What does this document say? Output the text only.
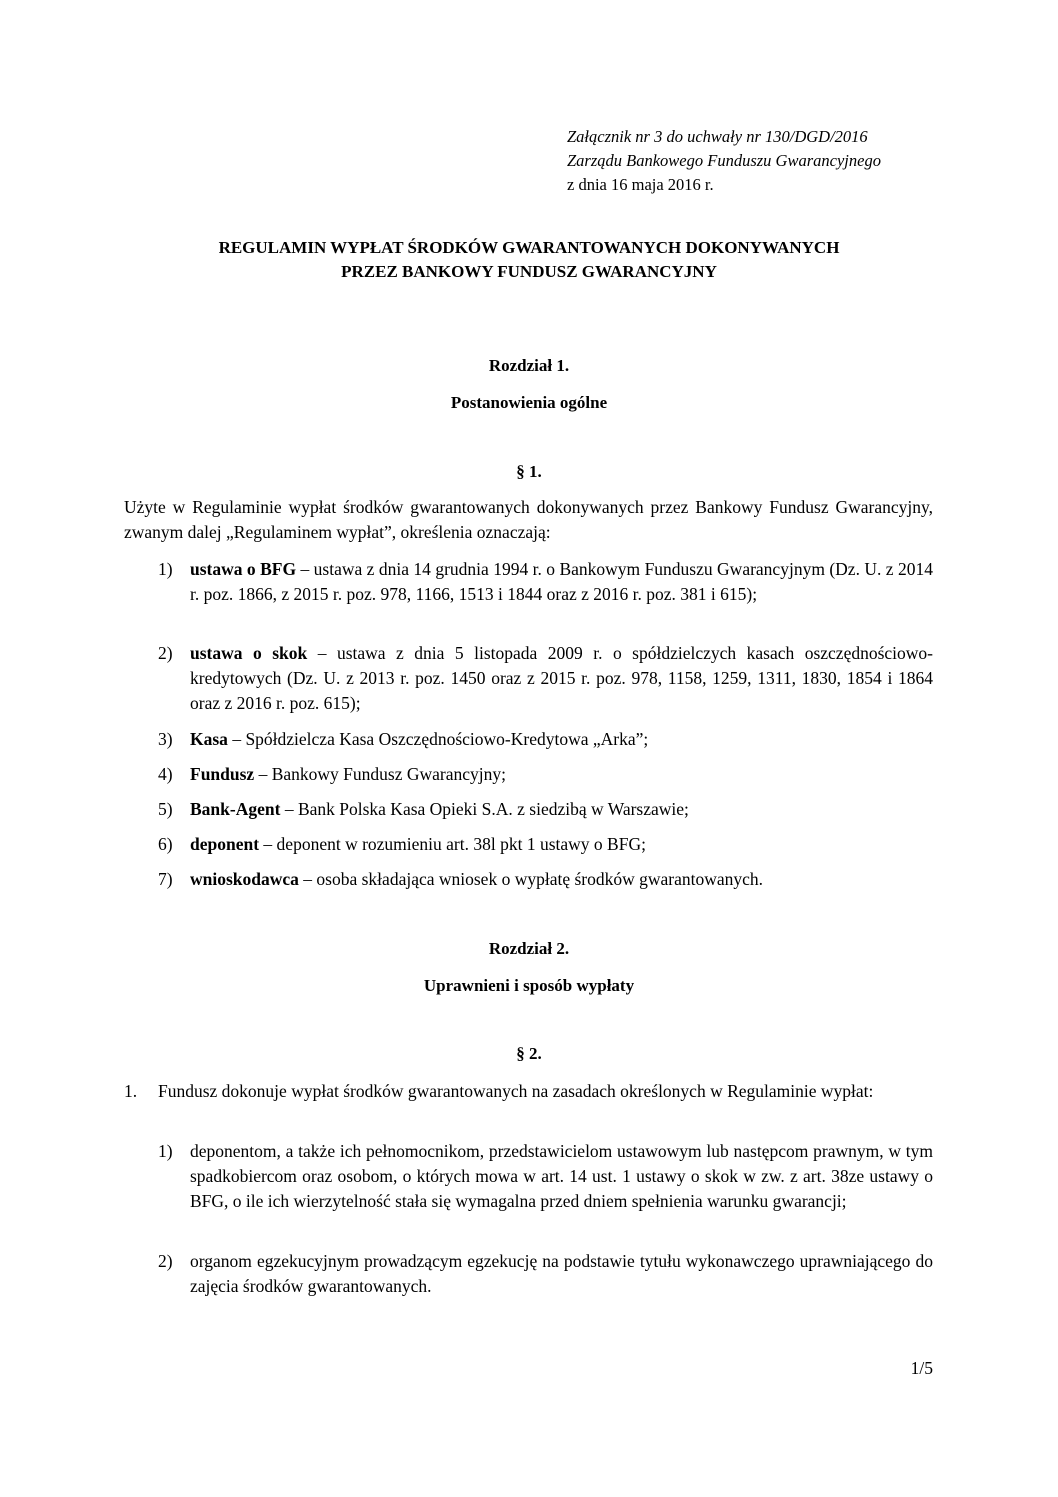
Załącznik nr 3 do uchwały nr 130/DGD/2016
Zarządu Bankowego Funduszu Gwarancyjnego
z dnia 16 maja 2016 r.
REGULAMIN WYPŁAT ŚRODKÓW GWARANTOWANYCH DOKONYWANYCH
PRZEZ BANKOWY FUNDUSZ GWARANCYJNY
Rozdział 1.
Postanowienia ogólne
§ 1.
Użyte w Regulaminie wypłat środków gwarantowanych dokonywanych przez Bankowy Fundusz Gwarancyjny, zwanym dalej „Regulaminem wypłat”, określenia oznaczają:
1) ustawa o BFG – ustawa z dnia 14 grudnia 1994 r. o Bankowym Funduszu Gwarancyjnym (Dz. U. z 2014 r. poz. 1866, z 2015 r. poz. 978, 1166, 1513 i 1844 oraz z 2016 r. poz. 381 i 615);
2) ustawa o skok – ustawa z dnia 5 listopada 2009 r. o spółdzielczych kasach oszczędnościowo-kredytowych (Dz. U. z 2013 r. poz. 1450 oraz z 2015 r. poz. 978, 1158, 1259, 1311, 1830, 1854 i 1864 oraz z 2016 r. poz. 615);
3) Kasa – Spółdzielcza Kasa Oszczędnościowo-Kredytowa „Arka”;
4) Fundusz – Bankowy Fundusz Gwarancyjny;
5) Bank-Agent – Bank Polska Kasa Opieki S.A. z siedzibą w Warszawie;
6) deponent – deponent w rozumieniu art. 38l pkt 1 ustawy o BFG;
7) wnioskodawca – osoba składająca wniosek o wypłatę środków gwarantowanych.
Rozdział 2.
Uprawnieni i sposób wypłaty
§ 2.
1. Fundusz dokonuje wypłat środków gwarantowanych na zasadach określonych w Regulaminie wypłat:
1) deponentom, a także ich pełnomocnikom, przedstawicielom ustawowym lub następcom prawnym, w tym spadkobiercom oraz osobom, o których mowa w art. 14 ust. 1 ustawy o skok w zw. z art. 38ze ustawy o BFG, o ile ich wierzytelność stała się wymagalna przed dniem spełnienia warunku gwarancji;
2) organom egzekucyjnym prowadzącym egzekucję na podstawie tytułu wykonawczego uprawniającego do zajęcia środków gwarantowanych.
1/5
